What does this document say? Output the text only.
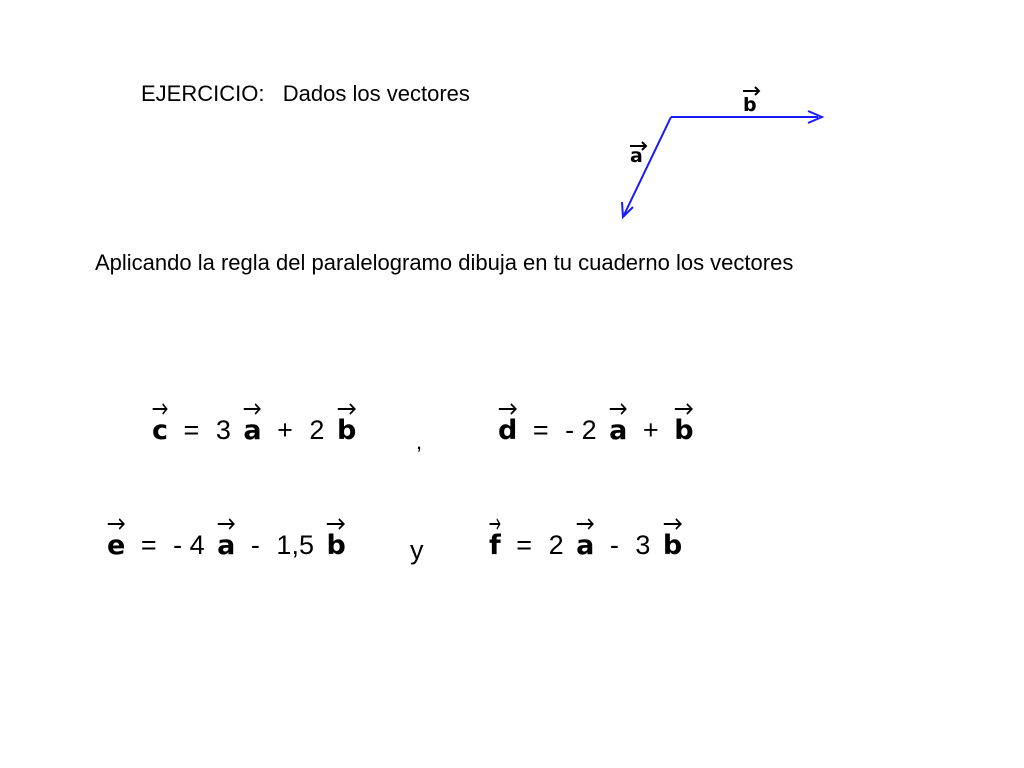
EJERCICIO:   Dados los vectores	b
a
Aplicando la regla del paralelogramo dibuja en tu cuaderno los vectores
c = 3 a + 2 b	,	d = - 2 a + b
e = - 4 a - 1,5 b y f = 2 a - 3 b
